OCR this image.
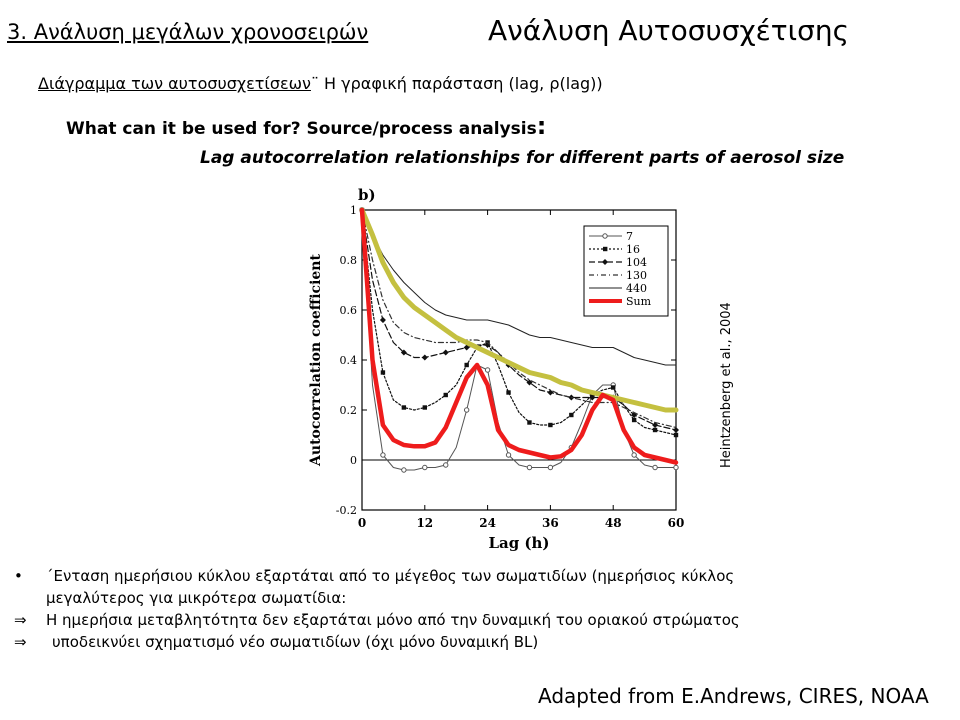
3. Ανάλυση μεγάλων χρονοσειρών	Ανάλυση Αυτοσυσχέτισης
Διάγραμμα των αυτοσυσχετίσεων¨ Η γραφική παράσταση (lag, ρ(lag))
What can it be used for? Source/process analysis:
Lag autocorrelation relationships for different parts of aerosol size
-0.2
0
0.2
0.4
0.6
0.8
1
0	12	24	36	48	60
Lag (h)
Autocorrelation coefficient
b)
7
16
104
130
440
Sum
Heintzenberg et al., 2004
• ΄Ενταση ημερήσιου κύκλου εξαρτάται από το μέγεθος των σωματιδίων (ημερήσιος κύκλος
μεγαλύτερος για μικρότερα σωματίδια:
⇒ Η ημερήσια μεταβλητότητα δεν εξαρτάται μόνο από την δυναμική του οριακού στρώματος
⇒ υποδεικνύει σχηματισμό νέο σωματιδίων (όχι μόνο δυναμική BL)
Adapted from E.Andrews, CIRES, NOAA
